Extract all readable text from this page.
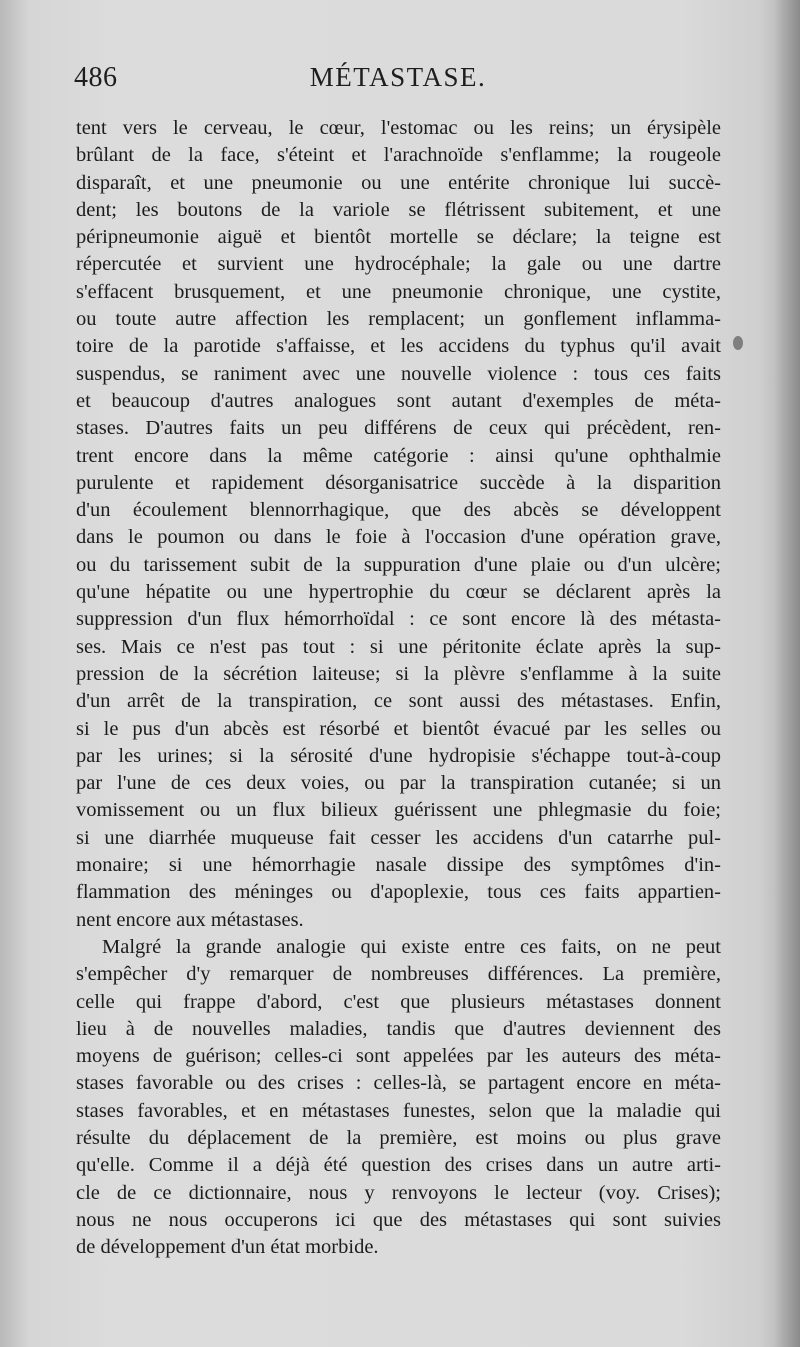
486	MÉTASTASE.

tent vers le cerveau, le cœur, l'estomac ou les reins; un érysipèle
brûlant de la face, s'éteint et l'arachnoïde s'enflamme; la rougeole
disparaît, et une pneumonie ou une entérite chronique lui succè-
dent; les boutons de la variole se flétrissent subitement, et une
péripneumonie aiguë et bientôt mortelle se déclare; la teigne est
répercutée et survient une hydrocéphale; la gale ou une dartre
s'effacent brusquement, et une pneumonie chronique, une cystite,
ou toute autre affection les remplacent; un gonflement inflamma-
toire de la parotide s'affaisse, et les accidens du typhus qu'il avait
suspendus, se raniment avec une nouvelle violence : tous ces faits
et beaucoup d'autres analogues sont autant d'exemples de méta-
stases. D'autres faits un peu différens de ceux qui précèdent, ren-
trent encore dans la même catégorie : ainsi qu'une ophthalmie
purulente et rapidement désorganisatrice succède à la disparition
d'un écoulement blennorrhagique, que des abcès se développent
dans le poumon ou dans le foie à l'occasion d'une opération grave,
ou du tarissement subit de la suppuration d'une plaie ou d'un ulcère;
qu'une hépatite ou une hypertrophie du cœur se déclarent après la
suppression d'un flux hémorrhoïdal : ce sont encore là des métasta-
ses. Mais ce n'est pas tout : si une péritonite éclate après la sup-
pression de la sécrétion laiteuse; si la plèvre s'enflamme à la suite
d'un arrêt de la transpiration, ce sont aussi des métastases. Enfin,
si le pus d'un abcès est résorbé et bientôt évacué par les selles ou
par les urines; si la sérosité d'une hydropisie s'échappe tout-à-coup
par l'une de ces deux voies, ou par la transpiration cutanée; si un
vomissement ou un flux bilieux guérissent une phlegmasie du foie;
si une diarrhée muqueuse fait cesser les accidens d'un catarrhe pul-
monaire; si une hémorrhagie nasale dissipe des symptômes d'in-
flammation des méninges ou d'apoplexie, tous ces faits appartien-
nent encore aux métastases.

Malgré la grande analogie qui existe entre ces faits, on ne peut
s'empêcher d'y remarquer de nombreuses différences. La première,
celle qui frappe d'abord, c'est que plusieurs métastases donnent
lieu à de nouvelles maladies, tandis que d'autres deviennent des
moyens de guérison; celles-ci sont appelées par les auteurs des méta-
stases favorable ou des crises : celles-là, se partagent encore en méta-
stases favorables, et en métastases funestes, selon que la maladie qui
résulte du déplacement de la première, est moins ou plus grave
qu'elle. Comme il a déjà été question des crises dans un autre arti-
cle de ce dictionnaire, nous y renvoyons le lecteur (voy. Crises);
nous ne nous occuperons ici que des métastases qui sont suivies
de développement d'un état morbide.
